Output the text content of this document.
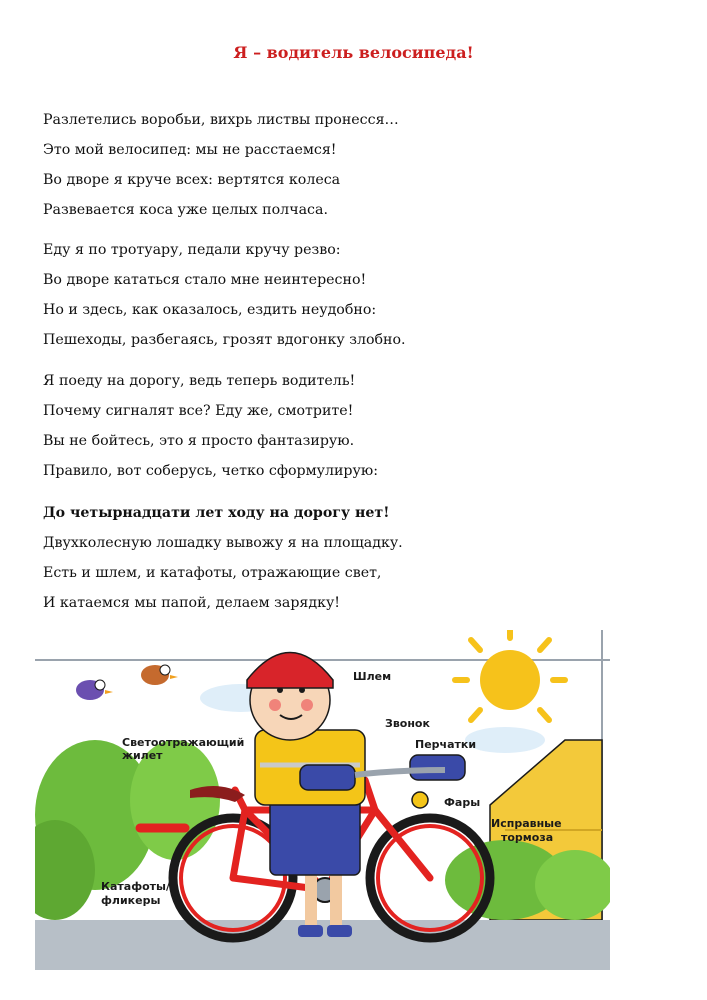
Я – водитель велосипеда!
Разлетелись воробьи, вихрь листвы пронесся…
Это мой велосипед: мы не расстаемся!
Во дворе я круче всех: вертятся колеса
Развевается коса уже целых полчаса.
Еду я по тротуару, педали кручу резво:
Во дворе кататься стало мне неинтересно!
Но и здесь, как оказалось, ездить неудобно:
Пешеходы, разбегаясь, грозят вдогонку злобно.
Я поеду на дорогу, ведь теперь водитель!
Почему сигналят все? Еду же, смотрите!
Вы не бойтесь, это я просто фантазирую.
Правило, вот соберусь, четко сформулирую:
До четырнадцати лет ходу на дорогу нет!
Двухколесную лошадку вывожу я на площадку.
Есть и шлем, и катафоты, отражающие свет,
И катаемся мы папой, делаем зарядку!
Шлем
Звонок
Светоотражающий
жилет
Перчатки
Фары
Исправные
тормоза
Катафоты/
фликеры
